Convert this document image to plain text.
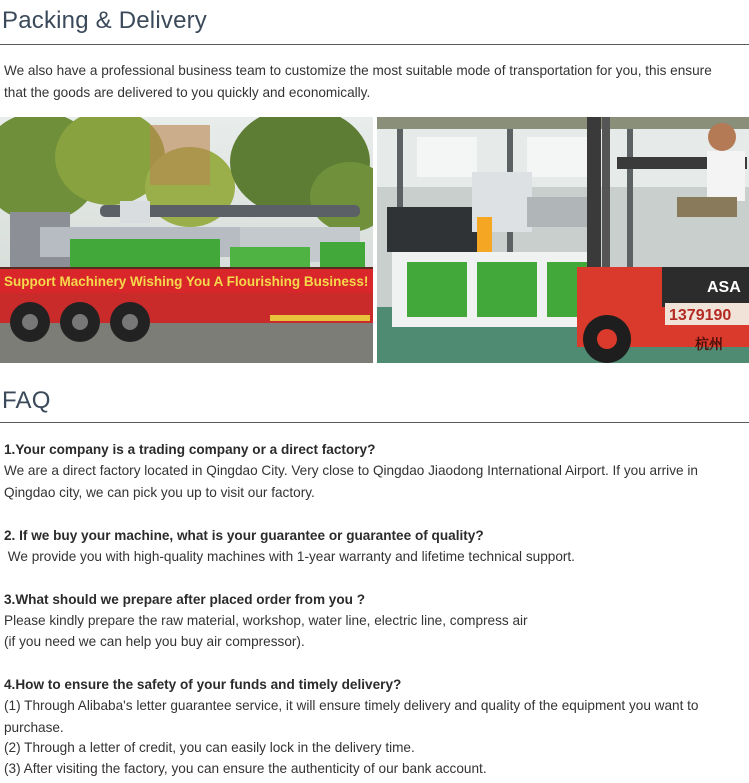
Packing & Delivery

We also have a professional business team to customize the most suitable mode of transportation for you, this ensure that the goods are delivered to you quickly and economically.

Support Machinery Wishing You A Flourishing Business!	ASA
1379190
杭州
FAQ

1.Your company is a trading company or a direct factory?

We are a direct factory located in Qingdao City. Very close to Qingdao Jiaodong International Airport. If you arrive in Qingdao city, we can pick you up to visit our factory.

2. If we buy your machine, what is your guarantee or guarantee of quality?

We provide you with high-quality machines with 1-year warranty and lifetime technical support.

3.What should we prepare after placed order from you ?

Please kindly prepare the raw material, workshop, water line, electric line, compress air

(if you need we can help you buy air compressor).

4.How to ensure the safety of your funds and timely delivery?

(1) Through Alibaba's letter guarantee service, it will ensure timely delivery and quality of the equipment you want to purchase.

(2) Through a letter of credit, you can easily lock in the delivery time.

(3) After visiting the factory, you can ensure the authenticity of our bank account.
